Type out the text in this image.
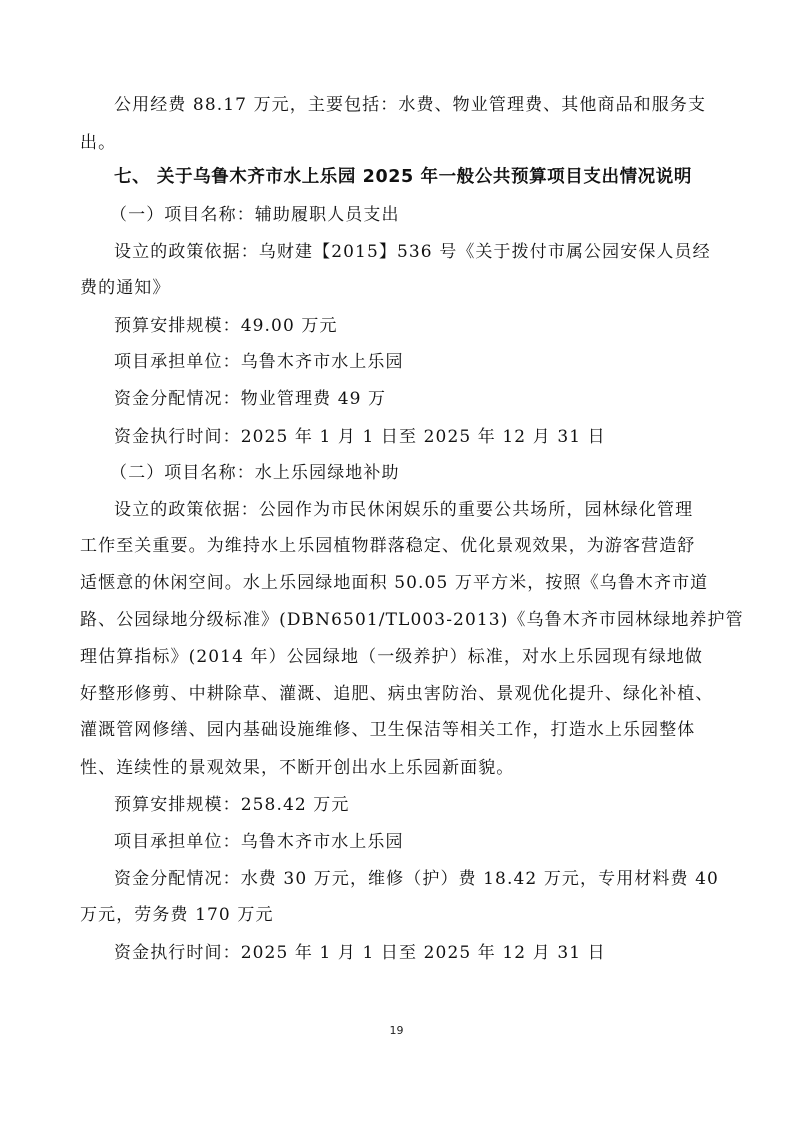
公用经费 88.17 万元，主要包括：水费、物业管理费、其他商品和服务支
出。
七、 关于乌鲁木齐市水上乐园 2025 年一般公共预算项目支出情况说明
（一）项目名称：辅助履职人员支出
设立的政策依据：乌财建【2015】536 号《关于拨付市属公园安保人员经
费的通知》
预算安排规模：49.00 万元
项目承担单位：乌鲁木齐市水上乐园
资金分配情况：物业管理费 49 万
资金执行时间：2025 年 1 月 1 日至 2025 年 12 月 31 日
（二）项目名称：水上乐园绿地补助
设立的政策依据：公园作为市民休闲娱乐的重要公共场所，园林绿化管理
工作至关重要。为维持水上乐园植物群落稳定、优化景观效果，为游客营造舒
适惬意的休闲空间。水上乐园绿地面积 50.05 万平方米，按照《乌鲁木齐市道
路、公园绿地分级标准》(DBN6501/TL003-2013)《乌鲁木齐市园林绿地养护管
理估算指标》(2014 年）公园绿地（一级养护）标准，对水上乐园现有绿地做
好整形修剪、中耕除草、灌溉、追肥、病虫害防治、景观优化提升、绿化补植、
灌溉管网修缮、园内基础设施维修、卫生保洁等相关工作，打造水上乐园整体
性、连续性的景观效果，不断开创出水上乐园新面貌。
预算安排规模：258.42 万元
项目承担单位：乌鲁木齐市水上乐园
资金分配情况：水费 30 万元，维修（护）费 18.42 万元，专用材料费 40
万元，劳务费 170 万元
资金执行时间：2025 年 1 月 1 日至 2025 年 12 月 31 日
19
